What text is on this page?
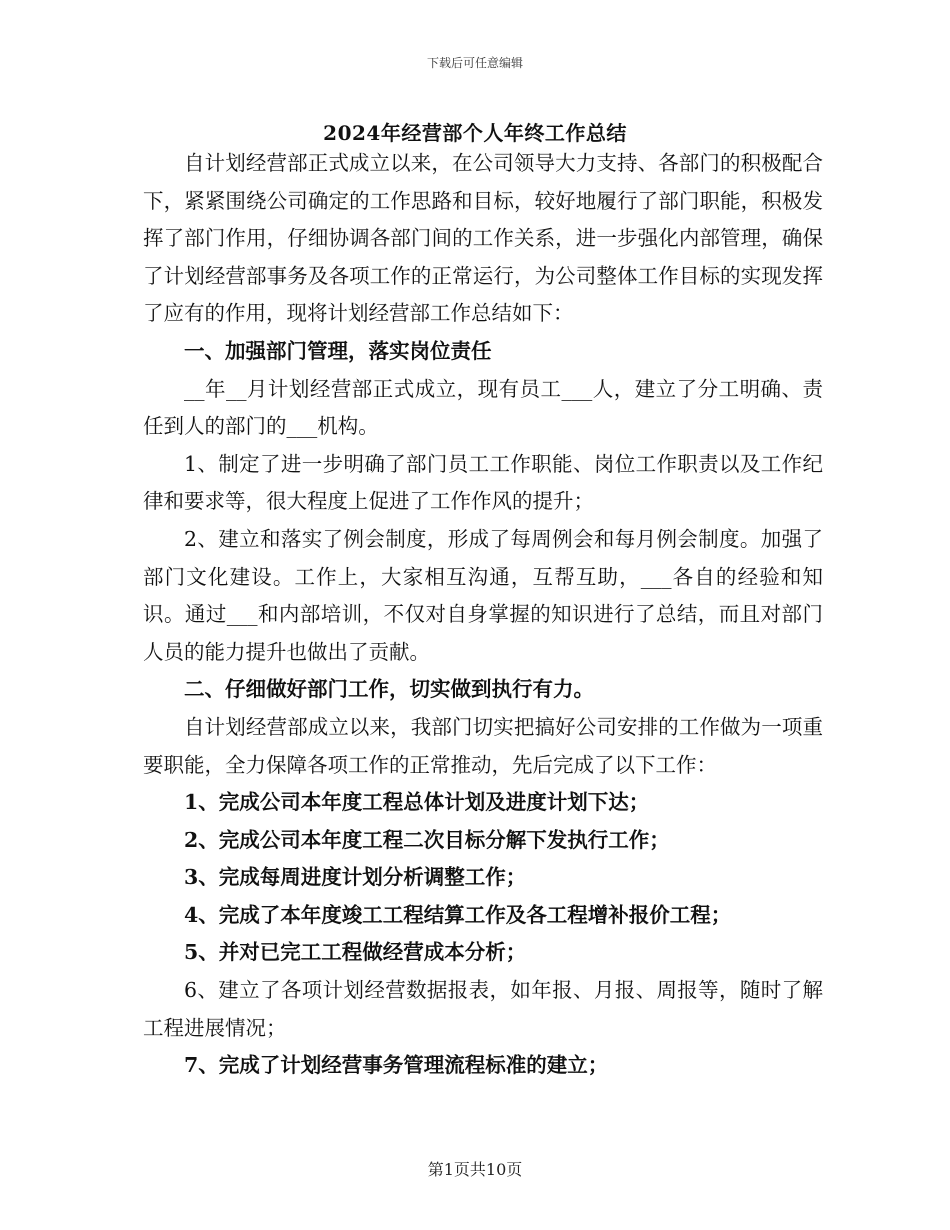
下载后可任意编辑
2024年经营部个人年终工作总结

自计划经营部正式成立以来，在公司领导大力支持、各部门的积极配合下，紧紧围绕公司确定的工作思路和目标，较好地履行了部门职能，积极发挥了部门作用，仔细协调各部门间的工作关系，进一步强化内部管理，确保了计划经营部事务及各项工作的正常运行，为公司整体工作目标的实现发挥了应有的作用，现将计划经营部工作总结如下：

一、加强部门管理，落实岗位责任

__年__月计划经营部正式成立，现有员工___人，建立了分工明确、责任到人的部门的___机构。

1、制定了进一步明确了部门员工工作职能、岗位工作职责以及工作纪律和要求等，很大程度上促进了工作作风的提升；

2、建立和落实了例会制度，形成了每周例会和每月例会制度。加强了部门文化建设。工作上，大家相互沟通，互帮互助，___各自的经验和知识。通过___和内部培训，不仅对自身掌握的知识进行了总结，而且对部门人员的能力提升也做出了贡献。

二、仔细做好部门工作，切实做到执行有力。

自计划经营部成立以来，我部门切实把搞好公司安排的工作做为一项重要职能，全力保障各项工作的正常推动，先后完成了以下工作：

1、完成公司本年度工程总体计划及进度计划下达；

2、完成公司本年度工程二次目标分解下发执行工作；

3、完成每周进度计划分析调整工作；

4、完成了本年度竣工工程结算工作及各工程增补报价工程；

5、并对已完工工程做经营成本分析；

6、建立了各项计划经营数据报表，如年报、月报、周报等，随时了解工程进展情况；

7、完成了计划经营事务管理流程标准的建立；

第1页共10页
